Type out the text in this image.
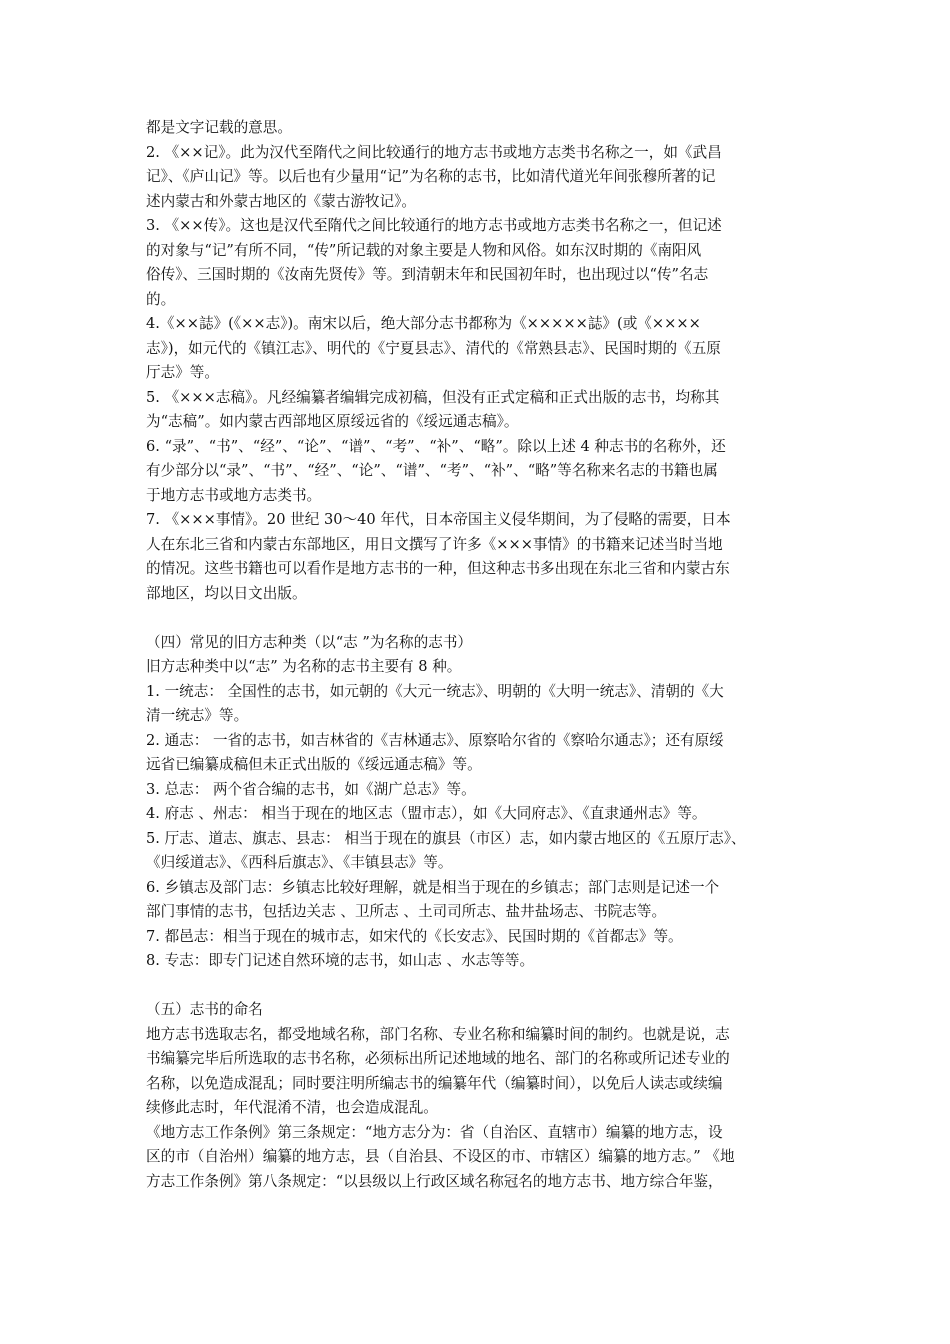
都是文字记载的意思。
2. 《××记》。此为汉代至隋代之间比较通行的地方志书或地方志类书名称之一，如《武昌
记》、《庐山记》等。以后也有少量用“记”为名称的志书，比如清代道光年间张穆所著的记
述内蒙古和外蒙古地区的《蒙古游牧记》。
3. 《××传》。这也是汉代至隋代之间比较通行的地方志书或地方志类书名称之一，但记述
的对象与“记”有所不同，“传”所记载的对象主要是人物和风俗。如东汉时期的《南阳风
俗传》、三国时期的《汝南先贤传》等。到清朝末年和民国初年时，也出现过以“传”名志
的。
4.《××誌》(《××志》)。南宋以后，绝大部分志书都称为《×××××誌》(或《××××
志》)，如元代的《镇江志》、明代的《宁夏县志》、清代的《常熟县志》、民国时期的《五原
厅志》等。
5. 《×××志稿》。凡经编纂者编辑完成初稿，但没有正式定稿和正式出版的志书，均称其
为“志稿”。如内蒙古西部地区原绥远省的《绥远通志稿》。
6. “录”、“书”、“经”、“论”、“谱”、“考”、“补”、“略”。除以上述 4 种志书的名称外，还
有少部分以“录”、“书”、“经”、“论”、“谱”、“考”、“补”、“略”等名称来名志的书籍也属
于地方志书或地方志类书。
7. 《×××事情》。20 世纪 30～40 年代，日本帝国主义侵华期间，为了侵略的需要，日本
人在东北三省和内蒙古东部地区，用日文撰写了许多《×××事情》的书籍来记述当时当地
的情况。这些书籍也可以看作是地方志书的一种，但这种志书多出现在东北三省和内蒙古东
部地区，均以日文出版。
（四）常见的旧方志种类（以“志 ”为名称的志书）
旧方志种类中以“志” 为名称的志书主要有 8 种。
1. 一统志： 全国性的志书，如元朝的《大元一统志》、明朝的《大明一统志》、清朝的《大
清一统志》等。
2. 通志： 一省的志书，如吉林省的《吉林通志》、原察哈尔省的《察哈尔通志》；还有原绥
远省已编纂成稿但未正式出版的《绥远通志稿》等。
3. 总志： 两个省合编的志书，如《湖广总志》等。
4. 府志 、州志： 相当于现在的地区志（盟市志），如《大同府志》、《直隶通州志》等。
5. 厅志、道志、旗志、县志： 相当于现在的旗县（市区）志，如内蒙古地区的《五原厅志》、
《归绥道志》、《西科后旗志》、《丰镇县志》等。
6. 乡镇志及部门志：乡镇志比较好理解，就是相当于现在的乡镇志；部门志则是记述一个
部门事情的志书，包括边关志 、卫所志 、土司司所志、盐井盐场志、书院志等。
7. 都邑志：相当于现在的城市志，如宋代的《长安志》、民国时期的《首都志》等。
8. 专志：即专门记述自然环境的志书，如山志 、水志等等。
（五）志书的命名
地方志书选取志名，都受地域名称，部门名称、专业名称和编纂时间的制约。也就是说，志
书编纂完毕后所选取的志书名称，必须标出所记述地域的地名、部门的名称或所记述专业的
名称，以免造成混乱；同时要注明所编志书的编纂年代（编纂时间），以免后人读志或续编
续修此志时，年代混淆不清，也会造成混乱。
《地方志工作条例》第三条规定：“地方志分为：省（自治区、直辖市）编纂的地方志，设
区的市（自治州）编纂的地方志，县（自治县、不设区的市、市辖区）编纂的地方志。” 《地
方志工作条例》第八条规定：“以县级以上行政区域名称冠名的地方志书、地方综合年鉴，
